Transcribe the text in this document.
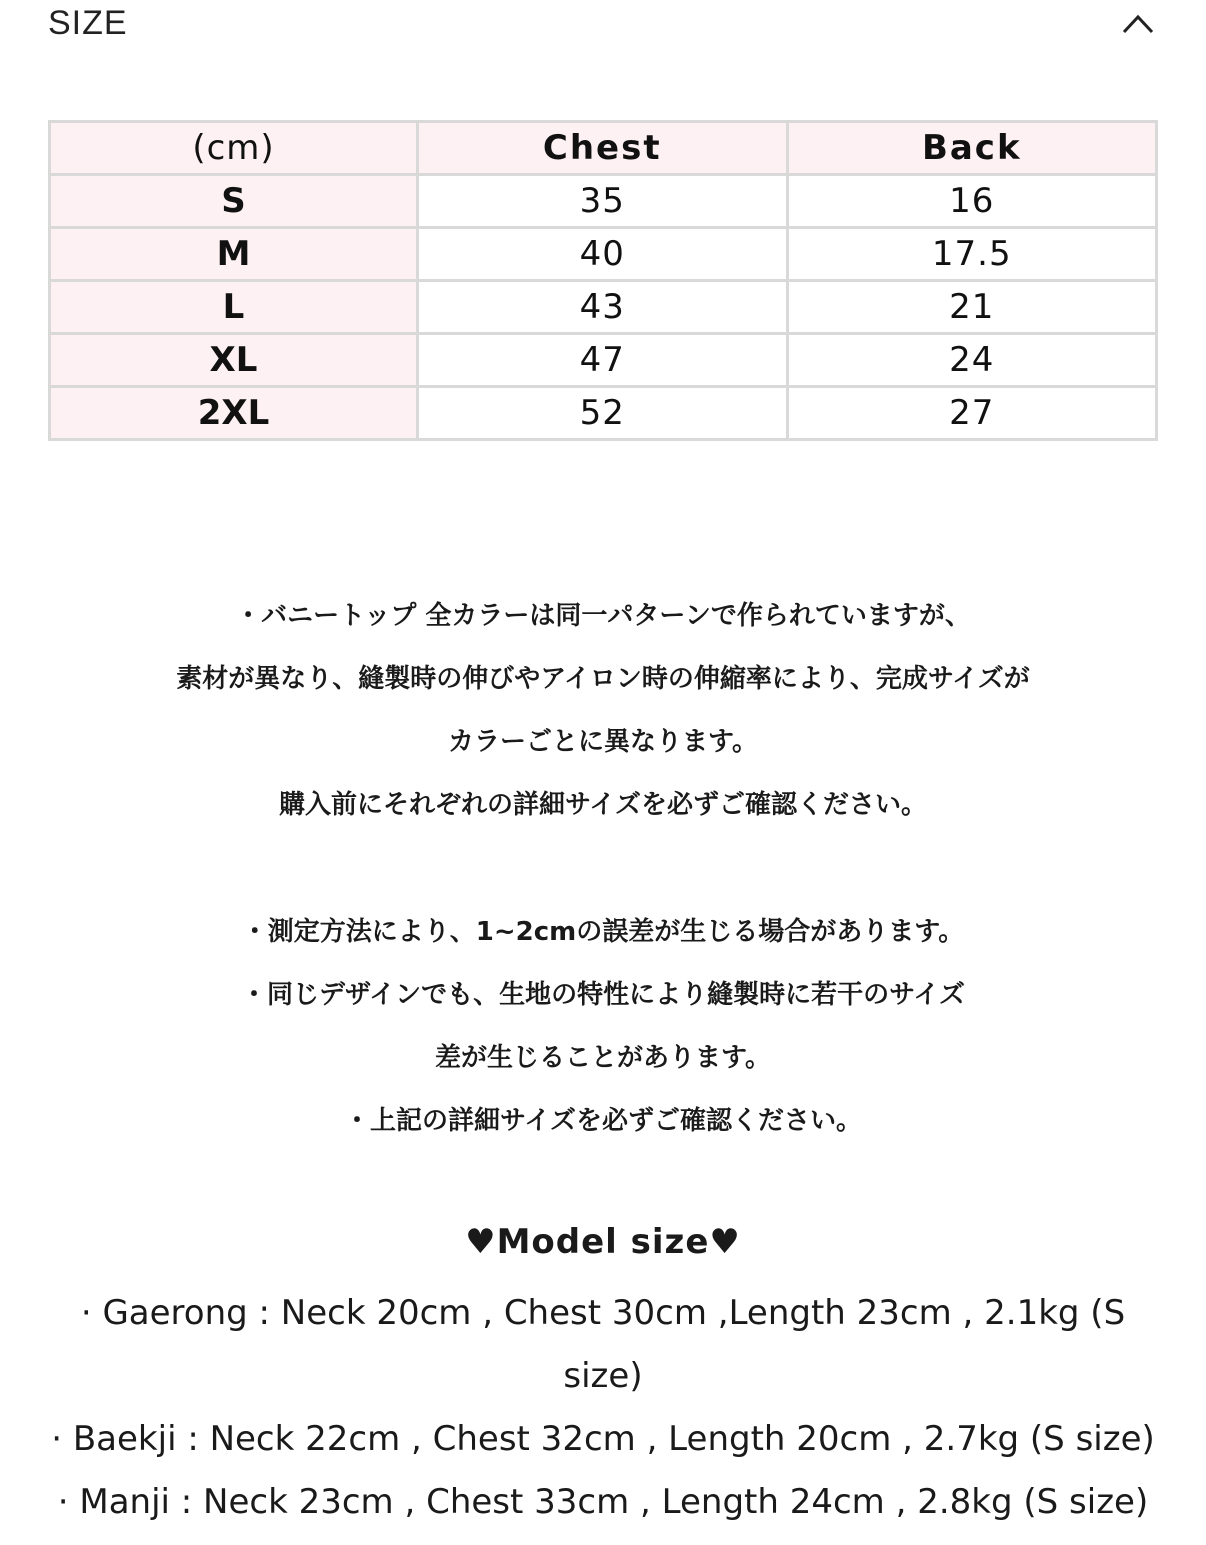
SIZE
(cm)	Chest	Back
S	35	16
M	40	17.5
L	43	21
XL	47	24
2XL	52	27

・バニートップ 全カラーは同一パターンで作られていますが、

素材が異なり、縫製時の伸びやアイロン時の伸縮率により、完成サイズが

カラーごとに異なります。

購入前にそれぞれの詳細サイズを必ずご確認ください。

・測定方法により、1~2cmの誤差が生じる場合があります。

・同じデザインでも、生地の特性により縫製時に若干のサイズ

差が生じることがあります。

・上記の詳細サイズを必ずご確認ください。

♥Model size♥

· Gaerong : Neck 20cm , Chest 30cm ,Length 23cm , 2.1kg (S size)

· Baekji : Neck 22cm , Chest 32cm , Length 20cm , 2.7kg (S size)

· Manji : Neck 23cm , Chest 33cm , Length 24cm , 2.8kg (S size)
